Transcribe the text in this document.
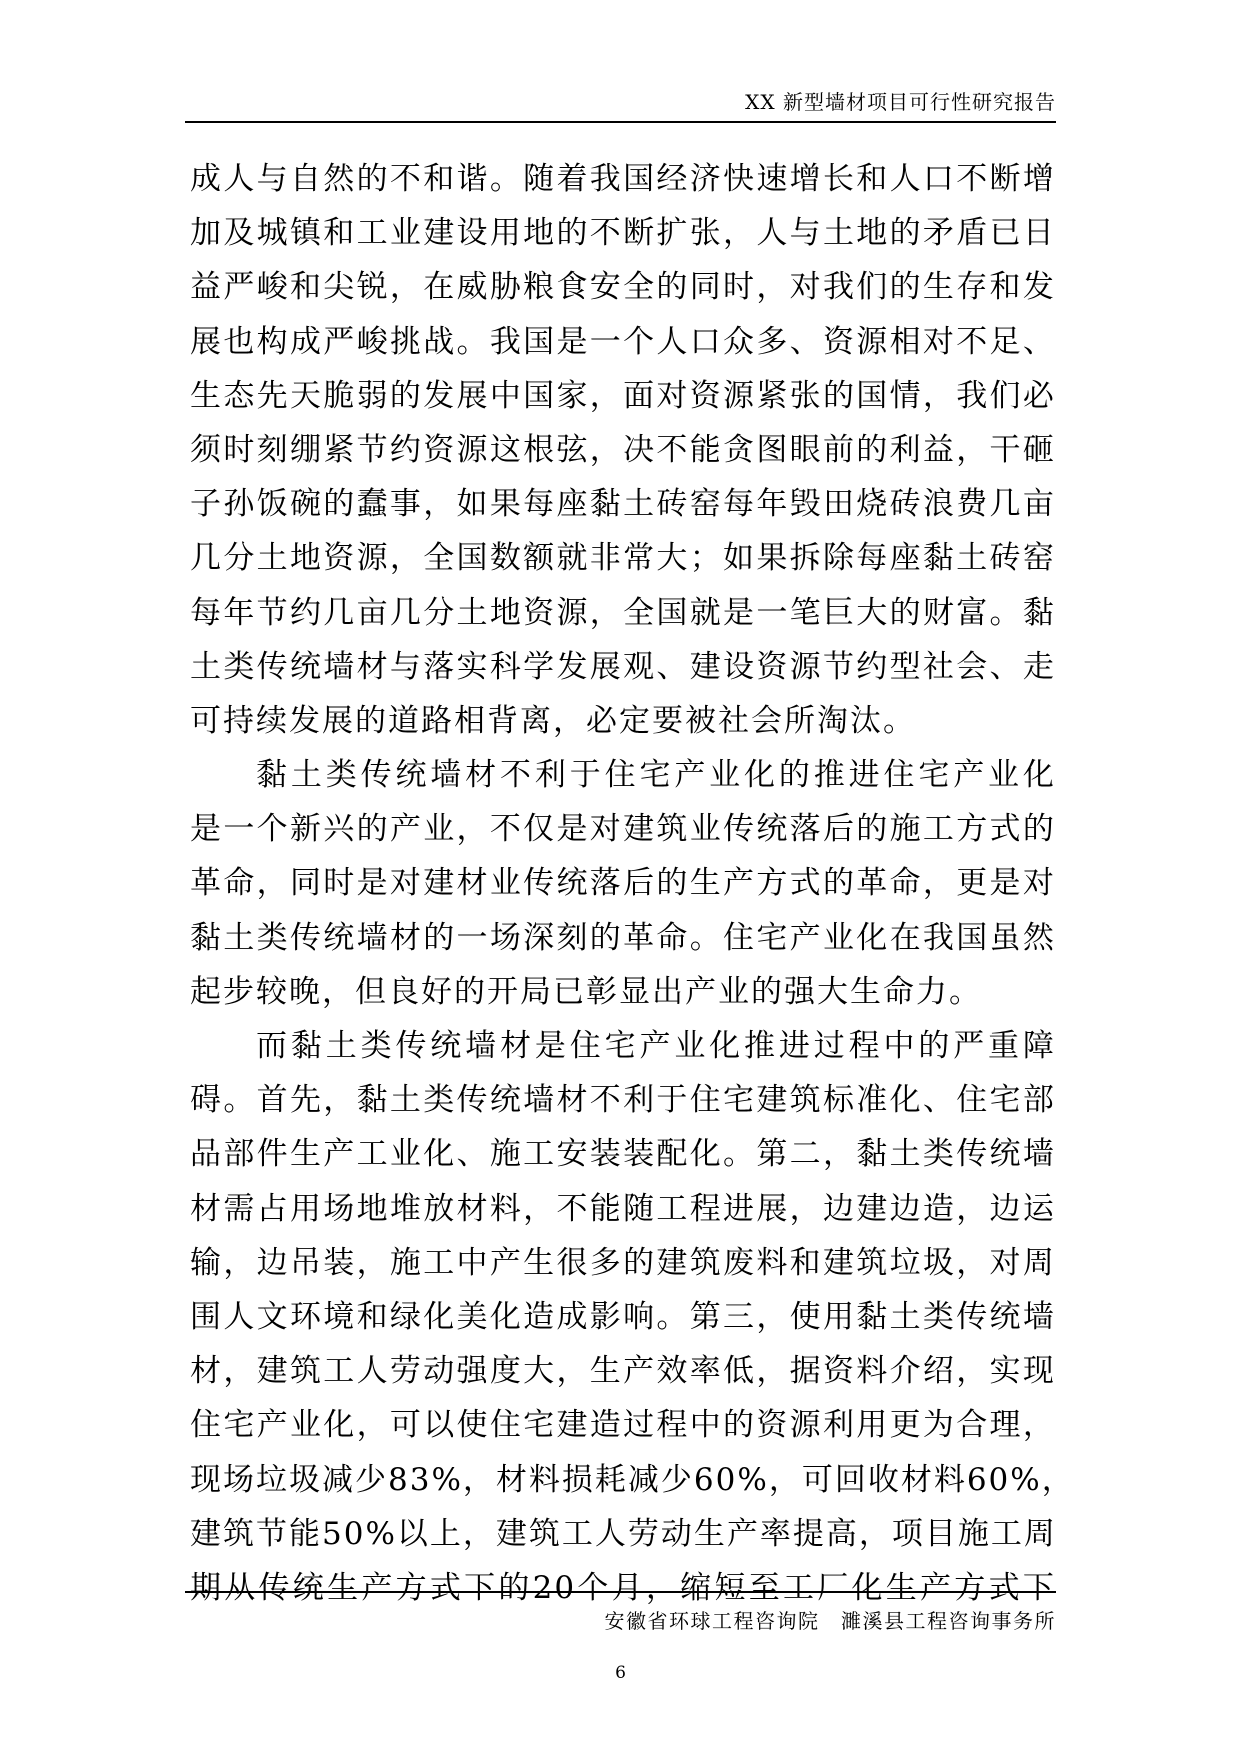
XX 新型墙材项目可行性研究报告
成 人 与 自 然 的 不 和 谐 。 随 着 我 国 经 济 快 速 增 长 和 人 口 不 断 增
加 及 城 镇 和 工 业 建 设 用 地 的 不 断 扩 张 ， 人 与 土 地 的 矛 盾 已 日
益 严 峻 和 尖 锐 ， 在 威 胁 粮 食 安 全 的 同 时 ， 对 我 们 的 生 存 和 发
展 也 构 成 严 峻 挑 战 。 我 国 是 一 个 人 口 众 多 、 资 源 相 对 不 足 、
生 态 先 天 脆 弱 的 发 展 中 国 家 ， 面 对 资 源 紧 张 的 国 情 ， 我 们 必
须 时 刻 绷 紧 节 约 资 源 这 根 弦 ， 决 不 能 贪 图 眼 前 的 利 益 ， 干 砸
子 孙 饭 碗 的 蠢 事 ， 如 果 每 座 黏 土 砖 窑 每 年 毁 田 烧 砖 浪 费 几 亩
几 分 土 地 资 源 ， 全 国 数 额 就 非 常 大 ； 如 果 拆 除 每 座 黏 土 砖 窑
每 年 节 约 几 亩 几 分 土 地 资 源 ， 全 国 就 是 一 笔 巨 大 的 财 富 。 黏
土 类 传 统 墙 材 与 落 实 科 学 发 展 观 、 建 设 资 源 节 约 型 社 会 、 走
可持续发展的道路相背离，必定要被社会所淘汰。
黏 土 类 传 统 墙 材 不 利 于 住 宅 产 业 化 的 推 进 住 宅 产 业 化
是 一 个 新 兴 的 产 业 ， 不 仅 是 对 建 筑 业 传 统 落 后 的 施 工 方 式 的
革 命 ， 同 时 是 对 建 材 业 传 统 落 后 的 生 产 方 式 的 革 命 ， 更 是 对
黏 土 类 传 统 墙 材 的 一 场 深 刻 的 革 命 。 住 宅 产 业 化 在 我 国 虽 然
起步较晚，但良好的开局已彰显出产业的强大生命力。
而 黏 土 类 传 统 墙 材 是 住 宅 产 业 化 推 进 过 程 中 的 严 重 障
碍 。 首 先 ， 黏 土 类 传 统 墙 材 不 利 于 住 宅 建 筑 标 准 化 、 住 宅 部
品 部 件 生 产 工 业 化 、 施 工 安 装 装 配 化 。 第 二 ， 黏 土 类 传 统 墙
材 需 占 用 场 地 堆 放 材 料 ， 不 能 随 工 程 进 展 ， 边 建 边 造 ， 边 运
输 ， 边 吊 装 ， 施 工 中 产 生 很 多 的 建 筑 废 料 和 建 筑 垃 圾 ， 对 周
围 人 文 环 境 和 绿 化 美 化 造 成 影 响 。 第 三 ， 使 用 黏 土 类 传 统 墙
材 ， 建 筑 工 人 劳 动 强 度 大 ， 生 产 效 率 低 ， 据 资 料 介 绍 ， 实 现
住 宅 产 业 化 ， 可 以 使 住 宅 建 造 过 程 中 的 资 源 利 用 更 为 合 理 ，
现 场 垃 圾 减 少 83% ， 材 料 损 耗 减 少 60% ， 可 回 收 材 料 60% ，
建 筑 节 能 50% 以 上 ， 建 筑 工 人 劳 动 生 产 率 提 高 ， 项 目 施 工 周
期 从 传 统 生 产 方 式 下 的 20 个 月 ， 缩 短 至 工 厂 化 生 产 方 式 下
安徽省环球工程咨询院　濉溪县工程咨询事务所
6
